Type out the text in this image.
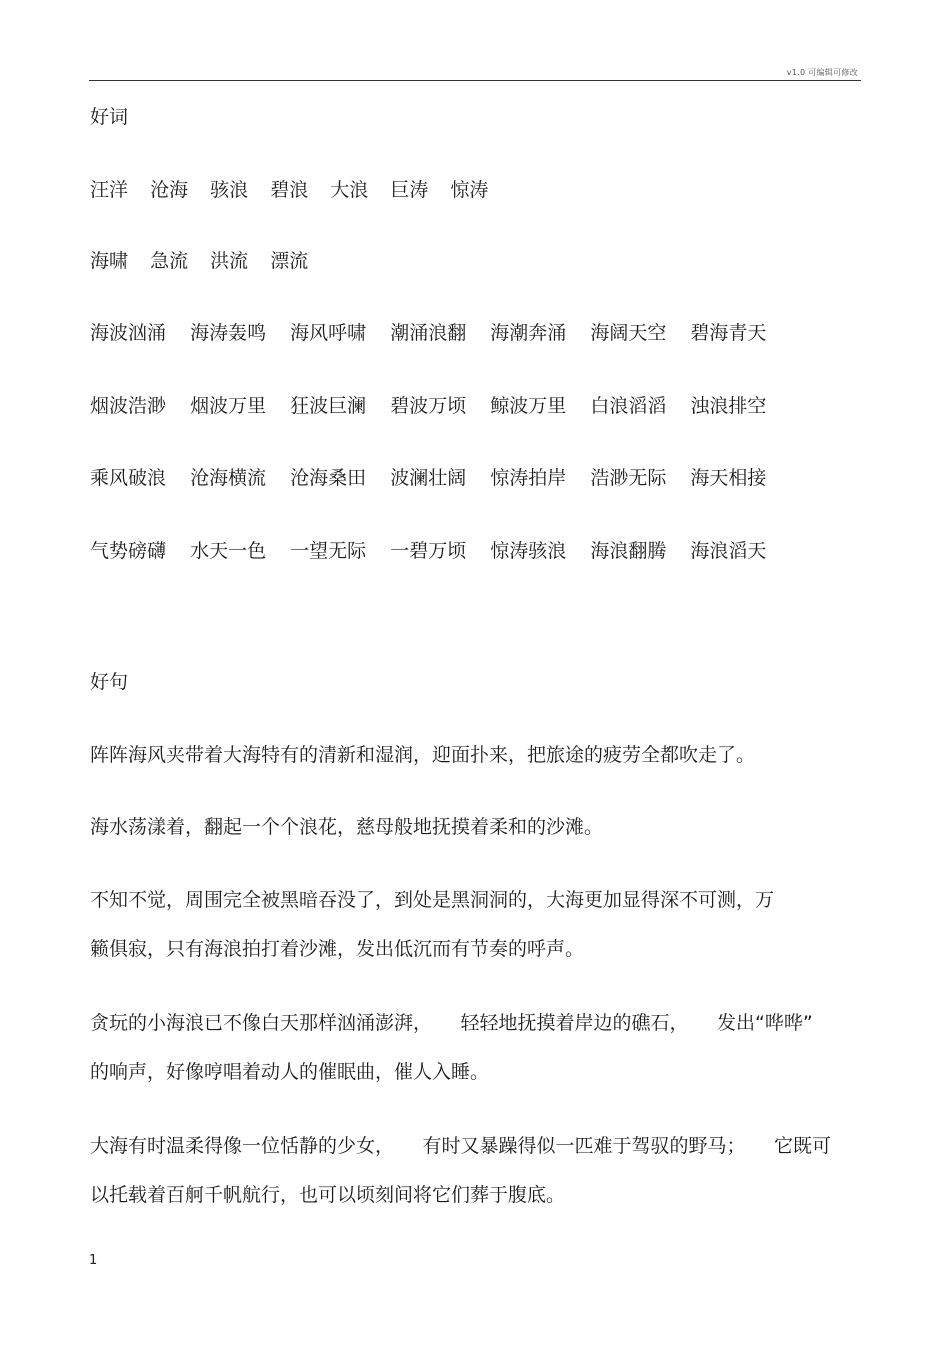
v1.0 可编辑可修改
好词
汪洋 沧海 骇浪 碧浪 大浪 巨涛 惊涛
海啸 急流 洪流 漂流
海波汹涌 海涛轰鸣 海风呼啸 潮涌浪翻 海潮奔涌 海阔天空 碧海青天
烟波浩渺 烟波万里 狂波巨澜 碧波万顷 鲸波万里 白浪滔滔 浊浪排空
乘风破浪 沧海横流 沧海桑田 波澜壮阔 惊涛拍岸 浩渺无际 海天相接
气势磅礴 水天一色 一望无际 一碧万顷 惊涛骇浪 海浪翻腾 海浪滔天
好句
阵阵海风夹带着大海特有的清新和湿润，迎面扑来，把旅途的疲劳全都吹走了。
海水荡漾着，翻起一个个浪花，慈母般地抚摸着柔和的沙滩。
不知不觉，周围完全被黑暗吞没了，到处是黑洞洞的，大海更加显得深不可测，万
籁俱寂，只有海浪拍打着沙滩，发出低沉而有节奏的呼声。
贪玩的小海浪已不像白天那样汹涌澎湃，　　轻轻地抚摸着岸边的礁石，　　发出“哗哗”
的响声，好像哼唱着动人的催眠曲，催人入睡。
大海有时温柔得像一位恬静的少女，　　有时又暴躁得似一匹难于驾驭的野马；　　它既可
以托载着百舸千帆航行，也可以顷刻间将它们葬于腹底。
1
